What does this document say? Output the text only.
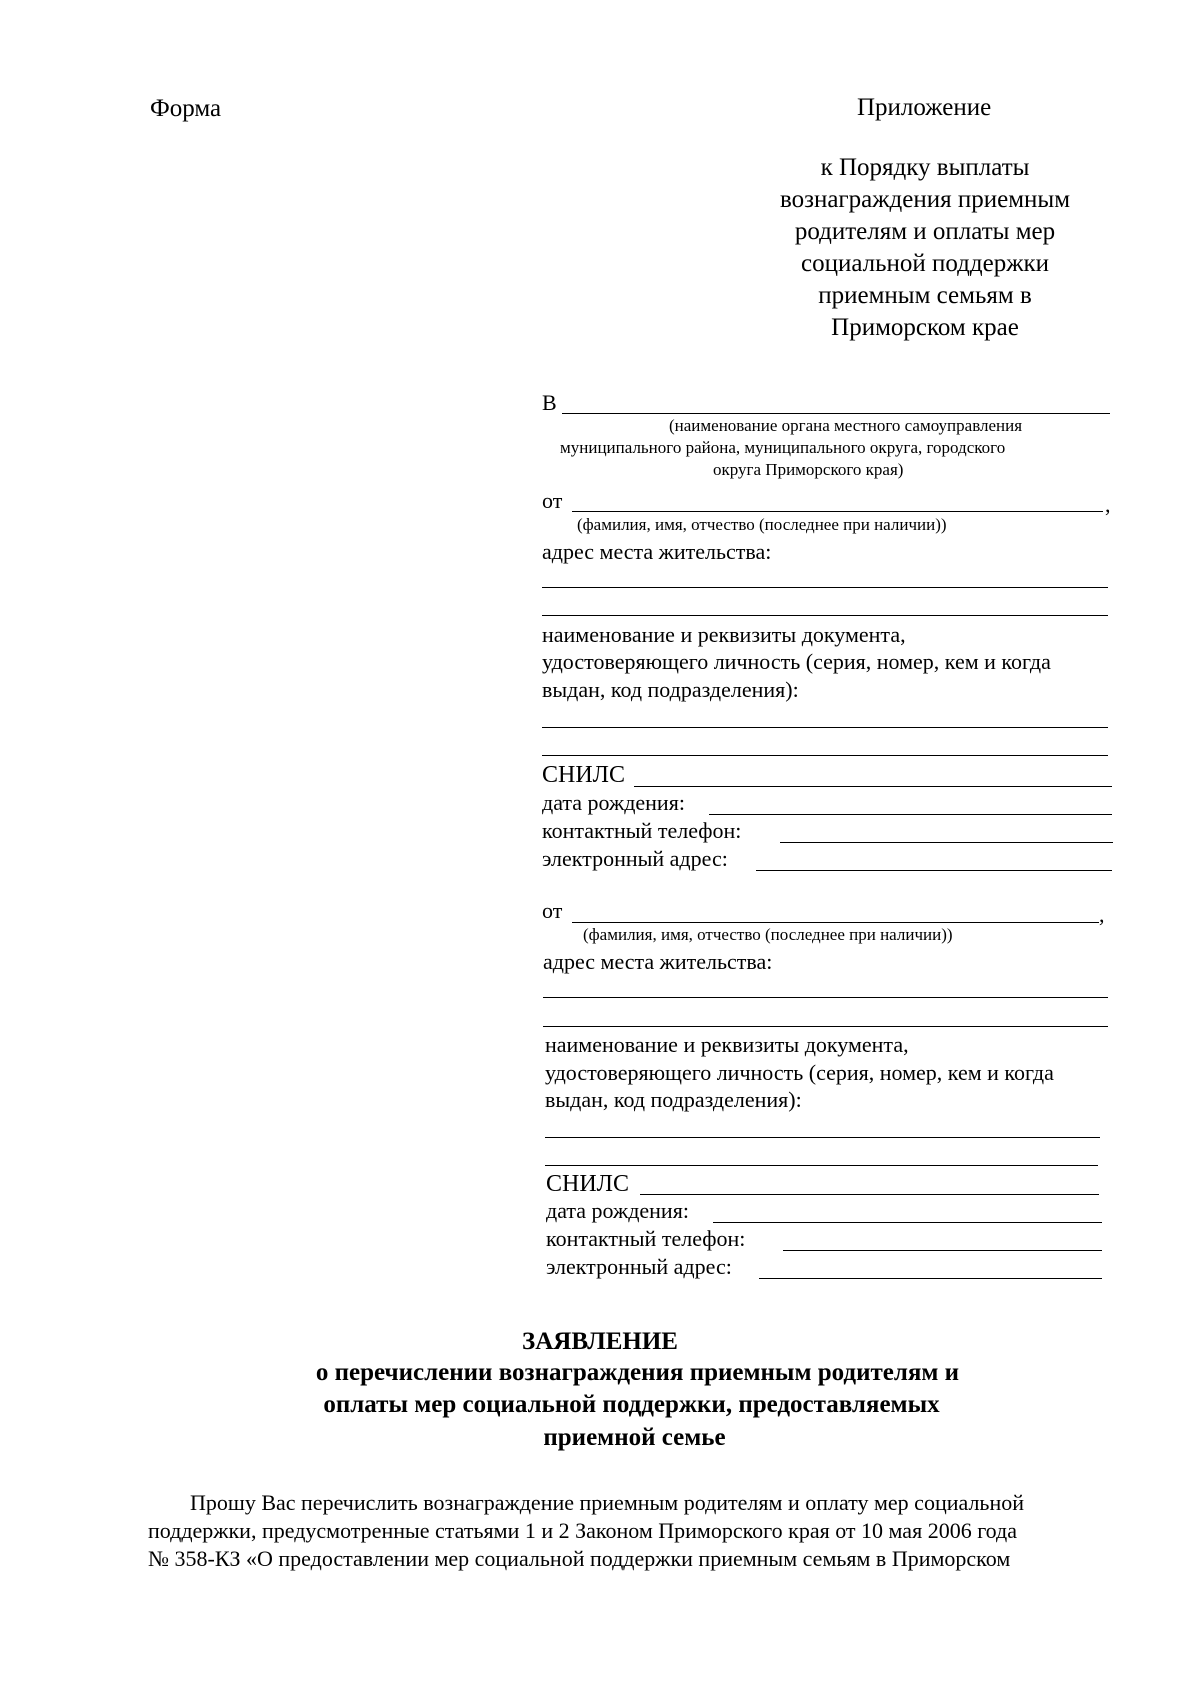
Форма	Приложение
к Порядку выплаты
вознаграждения приемным
родителям и оплаты мер
социальной поддержки
приемным семьям в
Приморском крае
В
(наименование органа местного самоуправления
муниципального района, муниципального округа, городского
округа Приморского края)
от	,
(фамилия, имя, отчество (последнее при наличии))
адрес места жительства:
наименование и реквизиты документа,
удостоверяющего личность (серия, номер, кем и когда
выдан, код подразделения):
СНИЛС
дата рождения:
контактный телефон:
электронный адрес:
от	,
(фамилия, имя, отчество (последнее при наличии))
адрес места жительства:
наименование и реквизиты документа,
удостоверяющего личность (серия, номер, кем и когда
выдан, код подразделения):
СНИЛС
дата рождения:
контактный телефон:
электронный адрес:
ЗАЯВЛЕНИЕ
о перечислении вознаграждения приемным родителям и
оплаты мер социальной поддержки, предоставляемых
приемной семье
Прошу Вас перечислить вознаграждение приемным родителям и оплату мер социальной
поддержки, предусмотренные статьями 1 и 2 Законом Приморского края от 10 мая 2006 года
№ 358-КЗ «О предоставлении мер социальной поддержки приемным семьям в Приморском
